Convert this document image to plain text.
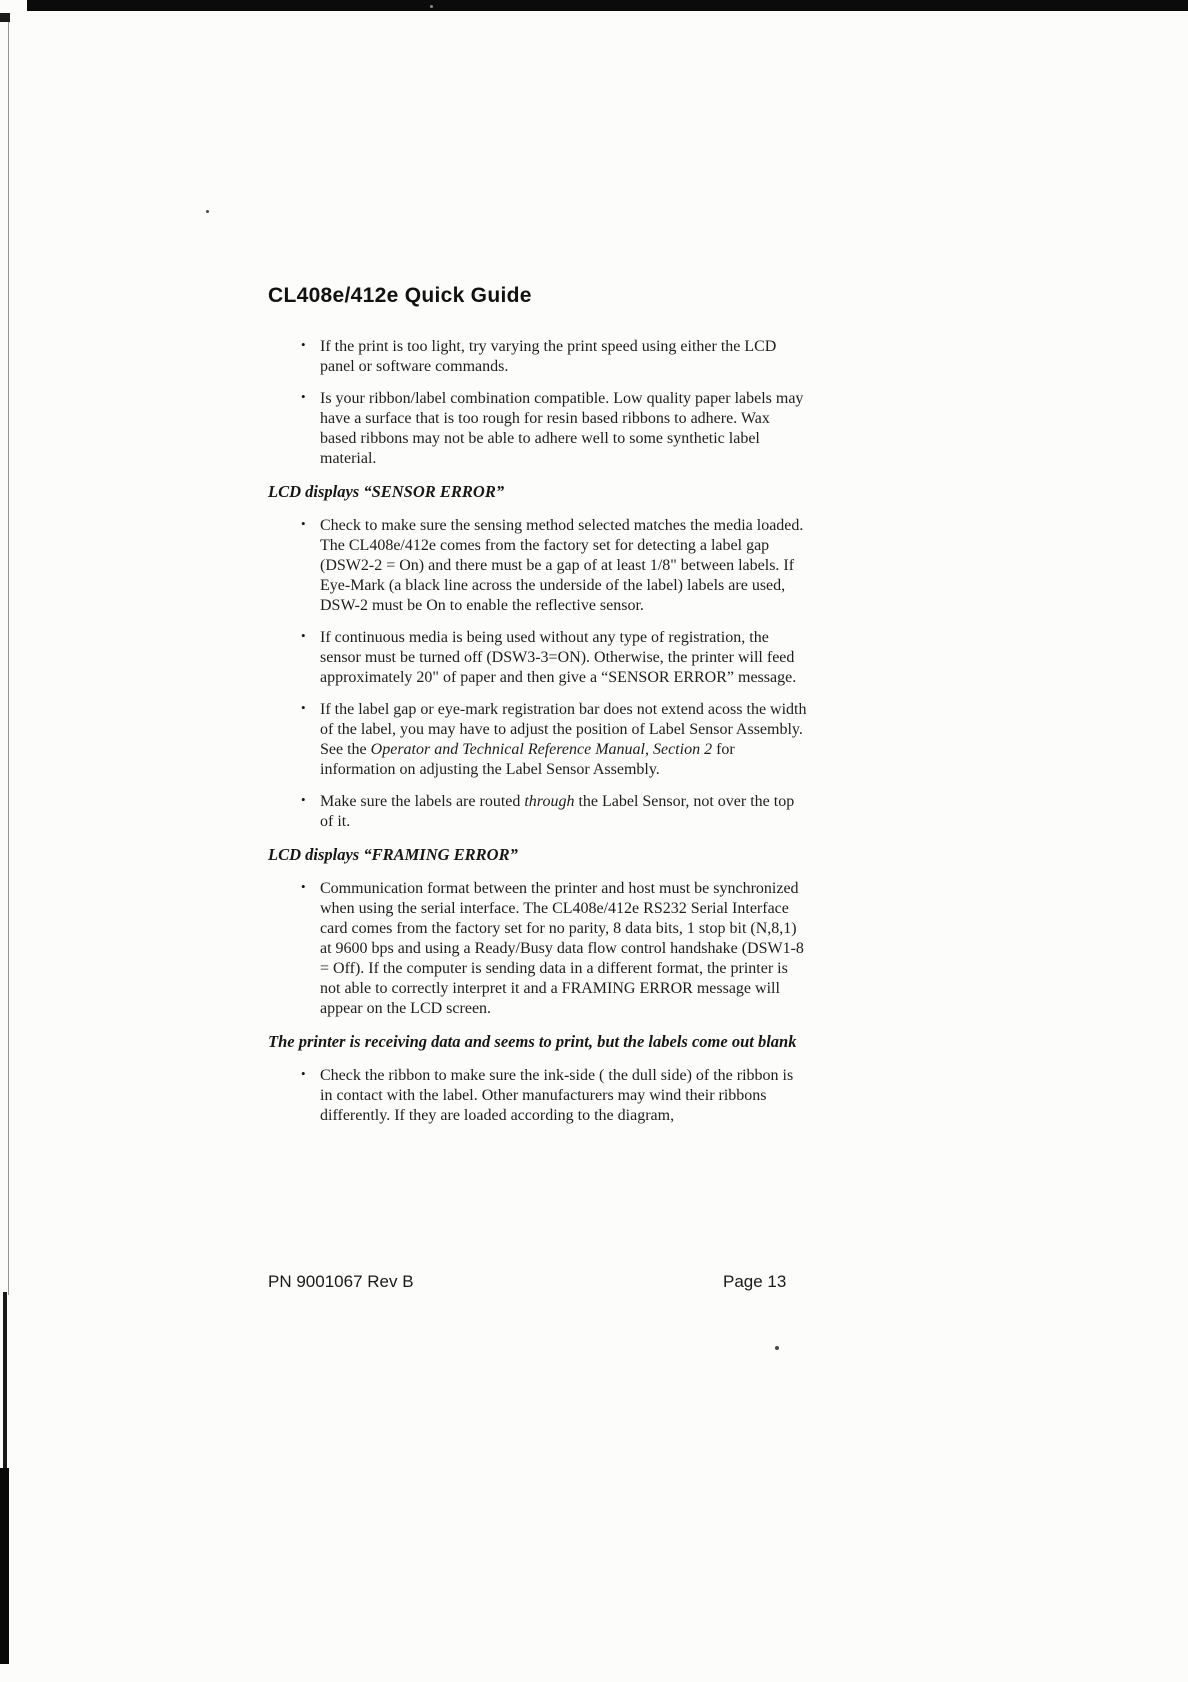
CL408e/412e Quick Guide
• If the print is too light, try varying the print speed using either the LCD panel or software commands.
• Is your ribbon/label combination compatible. Low quality paper labels may have a surface that is too rough for resin based ribbons to adhere. Wax based ribbons may not be able to adhere well to some synthetic label material.
LCD displays “SENSOR ERROR”
• Check to make sure the sensing method selected matches the media loaded. The CL408e/412e comes from the factory set for detecting a label gap (DSW2-2 = On) and there must be a gap of at least 1/8" between labels. If Eye-Mark (a black line across the underside of the label) labels are used, DSW-2 must be On to enable the reflective sensor.
• If continuous media is being used without any type of registration, the sensor must be turned off (DSW3-3=ON). Otherwise, the printer will feed approximately 20" of paper and then give a “SENSOR ERROR” message.
• If the label gap or eye-mark registration bar does not extend acoss the width of the label, you may have to adjust the position of Label Sensor Assembly. See the Operator and Technical Reference Manual, Section 2 for information on adjusting the Label Sensor Assembly.
• Make sure the labels are routed through the Label Sensor, not over the top of it.
LCD displays “FRAMING ERROR”
• Communication format between the printer and host must be synchronized when using the serial interface. The CL408e/412e RS232 Serial Interface card comes from the factory set for no parity, 8 data bits, 1 stop bit (N,8,1) at 9600 bps and using a Ready/Busy data flow control handshake (DSW1-8 = Off). If the computer is sending data in a different format, the printer is not able to correctly interpret it and a FRAMING ERROR message will appear on the LCD screen.
The printer is receiving data and seems to print, but the labels come out blank
• Check the ribbon to make sure the ink-side ( the dull side) of the ribbon is in contact with the label. Other manufacturers may wind their ribbons differently. If they are loaded according to the diagram,
PN 9001067 Rev B	Page 13
